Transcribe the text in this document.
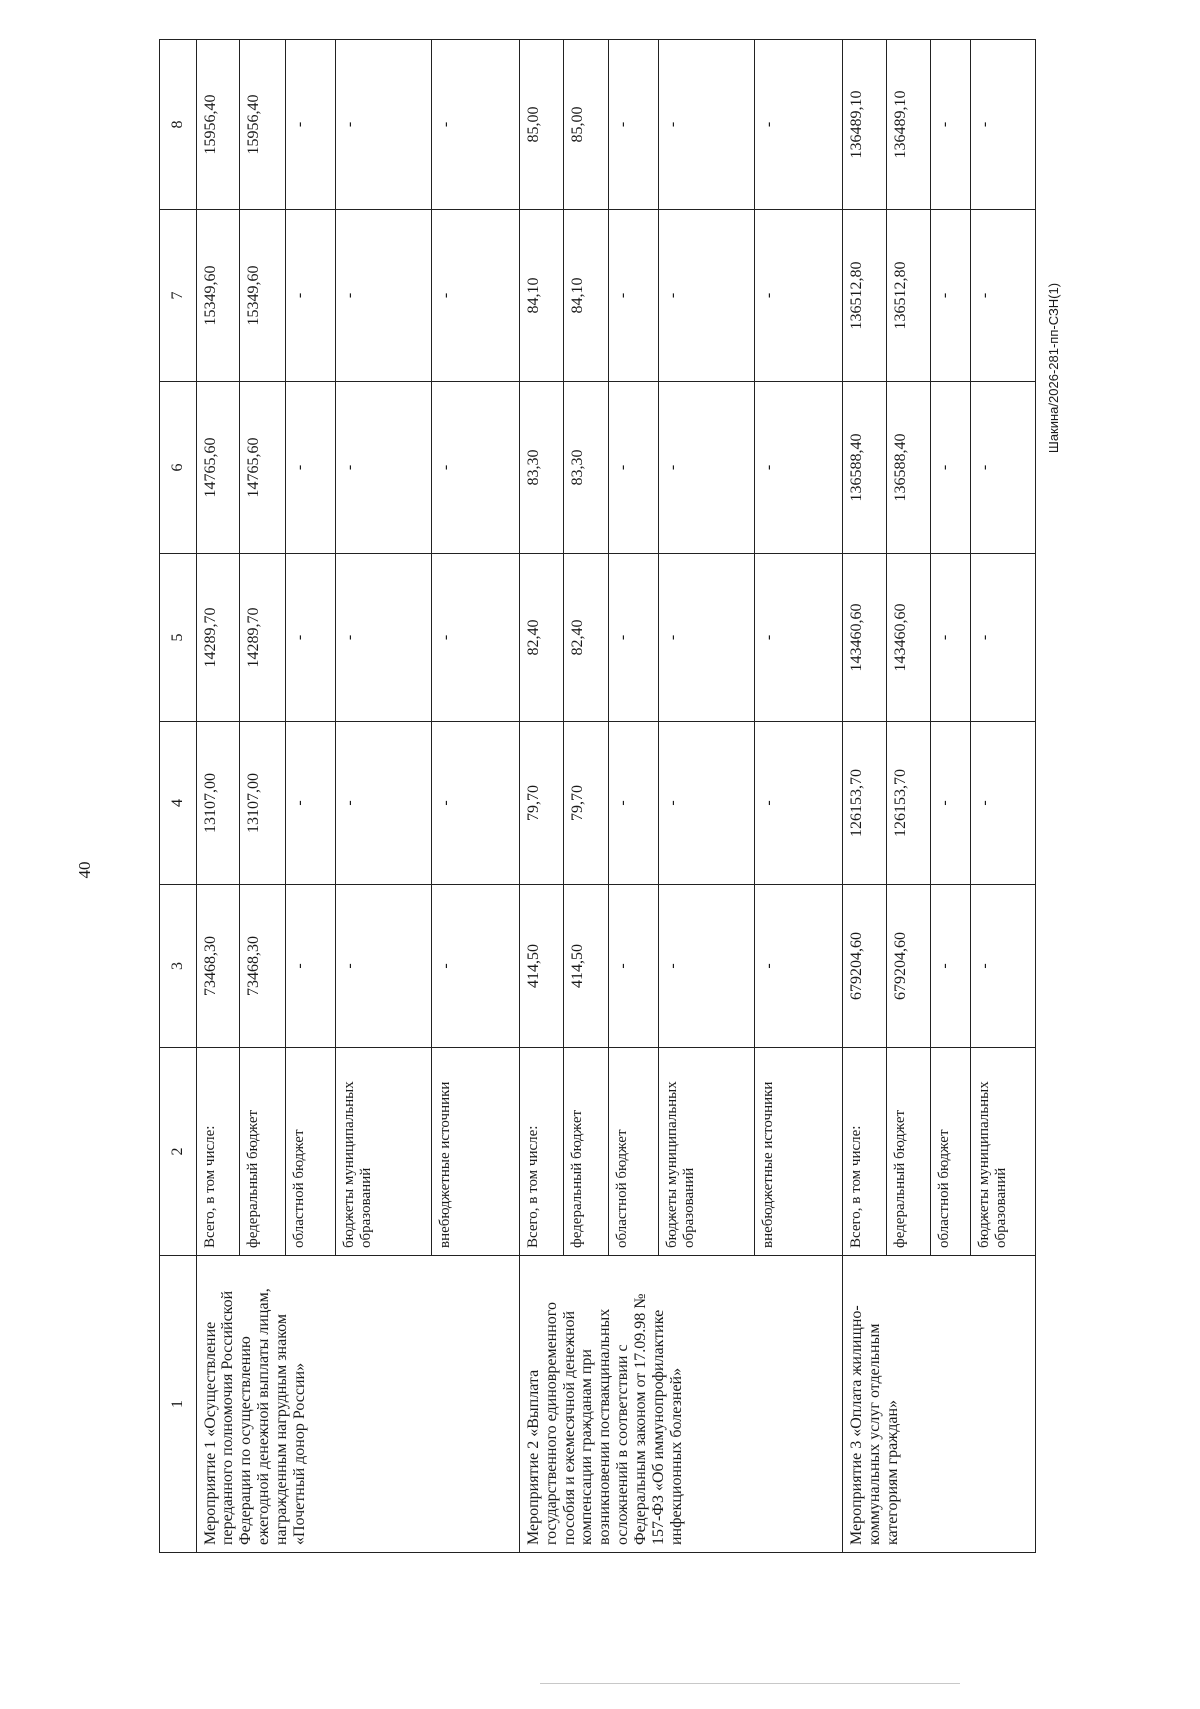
40
Шакина/2026-281-пп-СЗН(1)
1	2	3	4	5	6	7	8
Мероприятие 1 «Осуществление переданного полномочия Российской Федерации по осуществлению ежегодной денежной выплаты лицам, награжденным нагрудным знаком «Почетный донор России»	Всего, в том числе:	73468,30	13107,00	14289,70	14765,60	15349,60	15956,40
	федеральный бюджет	73468,30	13107,00	14289,70	14765,60	15349,60	15956,40
	областной бюджет	-	-	-	-	-	-
	бюджеты муниципальных образований	-	-	-	-	-	-
	внебюджетные источники	-	-	-	-	-	-
Мероприятие 2 «Выплата государственного единовременного пособия и ежемесячной денежной компенсации гражданам при возникновении поствакцинальных осложнений в соответствии с Федеральным законом от 17.09.98 № 157-ФЗ «Об иммунопрофилактике инфекционных болезней»	Всего, в том числе:	414,50	79,70	82,40	83,30	84,10	85,00
	федеральный бюджет	414,50	79,70	82,40	83,30	84,10	85,00
	областной бюджет	-	-	-	-	-	-
	бюджеты муниципальных образований	-	-	-	-	-	-
	внебюджетные источники	-	-	-	-	-	-
Мероприятие 3 «Оплата жилищно-коммунальных услуг отдельным категориям граждан»	Всего, в том числе:	679204,60	126153,70	143460,60	136588,40	136512,80	136489,10
	федеральный бюджет	679204,60	126153,70	143460,60	136588,40	136512,80	136489,10
	областной бюджет	-	-	-	-	-	-
	бюджеты муниципальных образований	-	-	-	-	-	-
